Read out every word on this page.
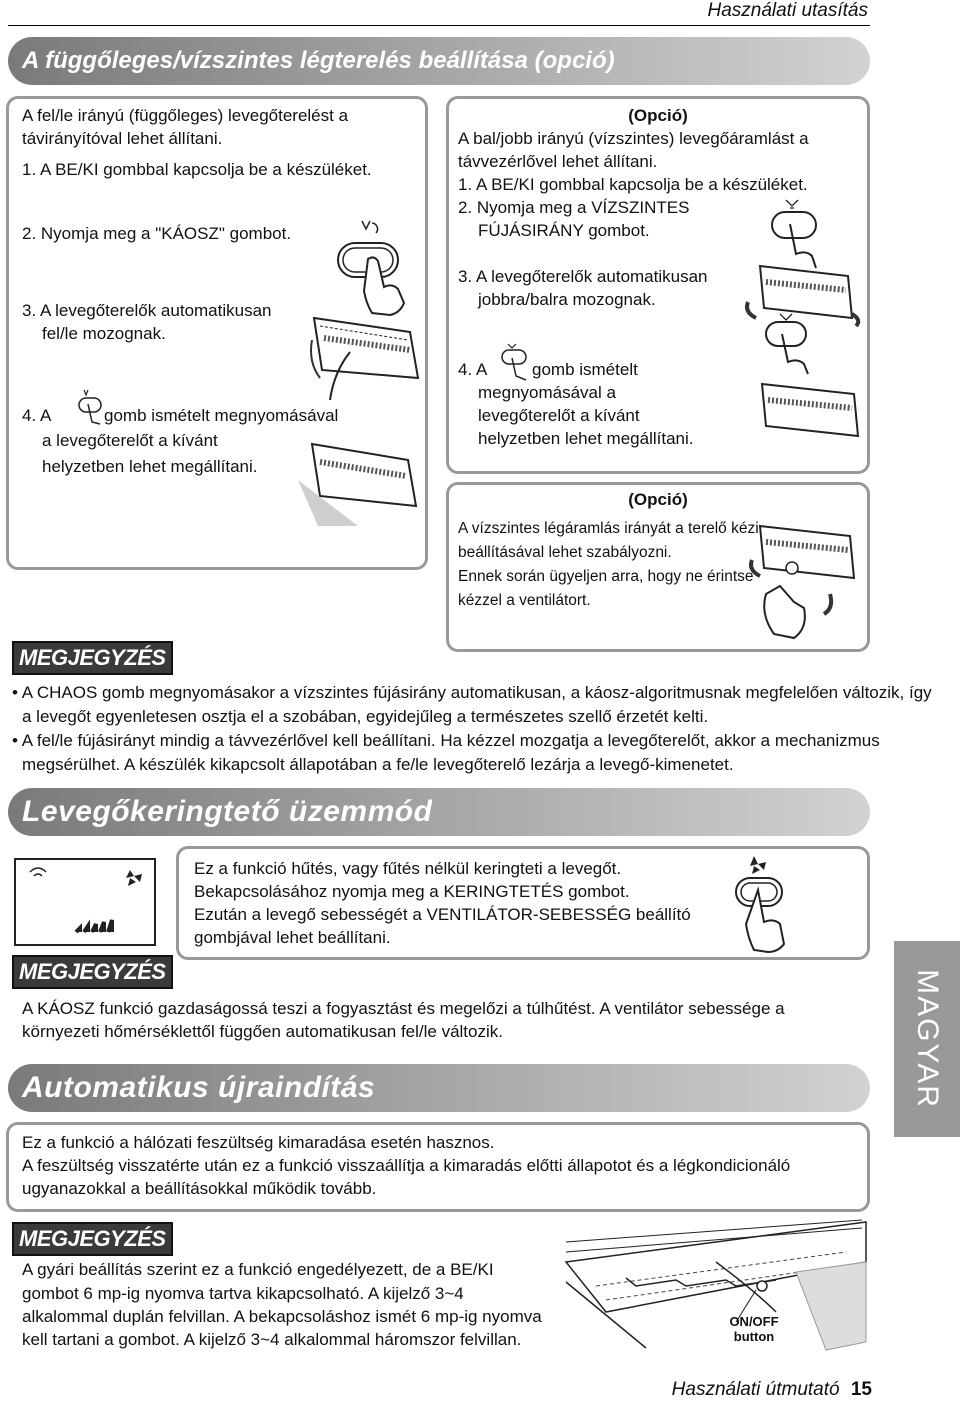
Használati utasítás
A függőleges/vízszintes légterelés beállítása (opció)
A fel/le irányú (függőleges) levegőterelést a
távirányítóval lehet állítani.
1. A BE/KI gombbal kapcsolja be a készüléket.
2. Nyomja meg a "KÁOSZ" gombot.
3. A levegőterelők automatikusan
fel/le mozognak.
4. A	gomb ismételt megnyomásával
a levegőterelőt a kívánt
helyzetben lehet megállítani.
(Opció)
A bal/jobb irányú (vízszintes) levegőáramlást a
távvezérlővel lehet állítani.
1. A BE/KI gombbal kapcsolja be a készüléket.
2. Nyomja meg a VÍZSZINTES
FÚJÁSIRÁNY gombot.
3. A levegőterelők automatikusan
jobbra/balra mozognak.
4. A	gomb ismételt
megnyomásával a
levegőterelőt a kívánt
helyzetben lehet megállítani.
(Opció)
A vízszintes légáramlás irányát a terelő kézi
beállításával lehet szabályozni.
Ennek során ügyeljen arra, hogy ne érintse
kézzel a ventilátort.
MEGJEGYZÉS
• A CHAOS gomb megnyomásakor a vízszintes fújásirány automatikusan, a káosz-algoritmusnak megfelelően változik, így
a levegőt egyenletesen osztja el a szobában, egyidejűleg a természetes szellő érzetét kelti.
• A fel/le fújásirányt mindig a távvezérlővel kell beállítani. Ha kézzel mozgatja a levegőterelőt, akkor a mechanizmus
megsérülhet. A készülék kikapcsolt állapotában a fe/le levegőterelő lezárja a levegő-kimenetet.
Levegőkeringtető üzemmód
Ez a funkció hűtés, vagy fűtés nélkül keringteti a levegőt.
Bekapcsolásához nyomja meg a KERINGTETÉS gombot.
Ezután a levegő sebességét a VENTILÁTOR-SEBESSÉG beállító
gombjával lehet beállítani.
MEGJEGYZÉS
A KÁOSZ funkció gazdaságossá teszi a fogyasztást és megelőzi a túlhűtést. A ventilátor sebessége a
környezeti hőmérséklettől függően automatikusan fel/le változik.	MAGYAR
Automatikus újraindítás
Ez a funkció a hálózati feszültség kimaradása esetén hasznos.
A feszültség visszatérte után ez a funkció visszaállítja a kimaradás előtti állapotot és a légkondicionáló
ugyanazokkal a beállításokkal működik tovább.
MEGJEGYZÉS
A gyári beállítás szerint ez a funkció engedélyezett, de a BE/KI
gombot 6 mp-ig nyomva tartva kikapcsolható. A kijelző 3~4
alkalommal duplán felvillan. A bekapcsoláshoz ismét 6 mp-ig nyomva
kell tartani a gombot. A kijelző 3~4 alkalommal háromszor felvillan.
ON/OFF
button
Használati útmutató 15
